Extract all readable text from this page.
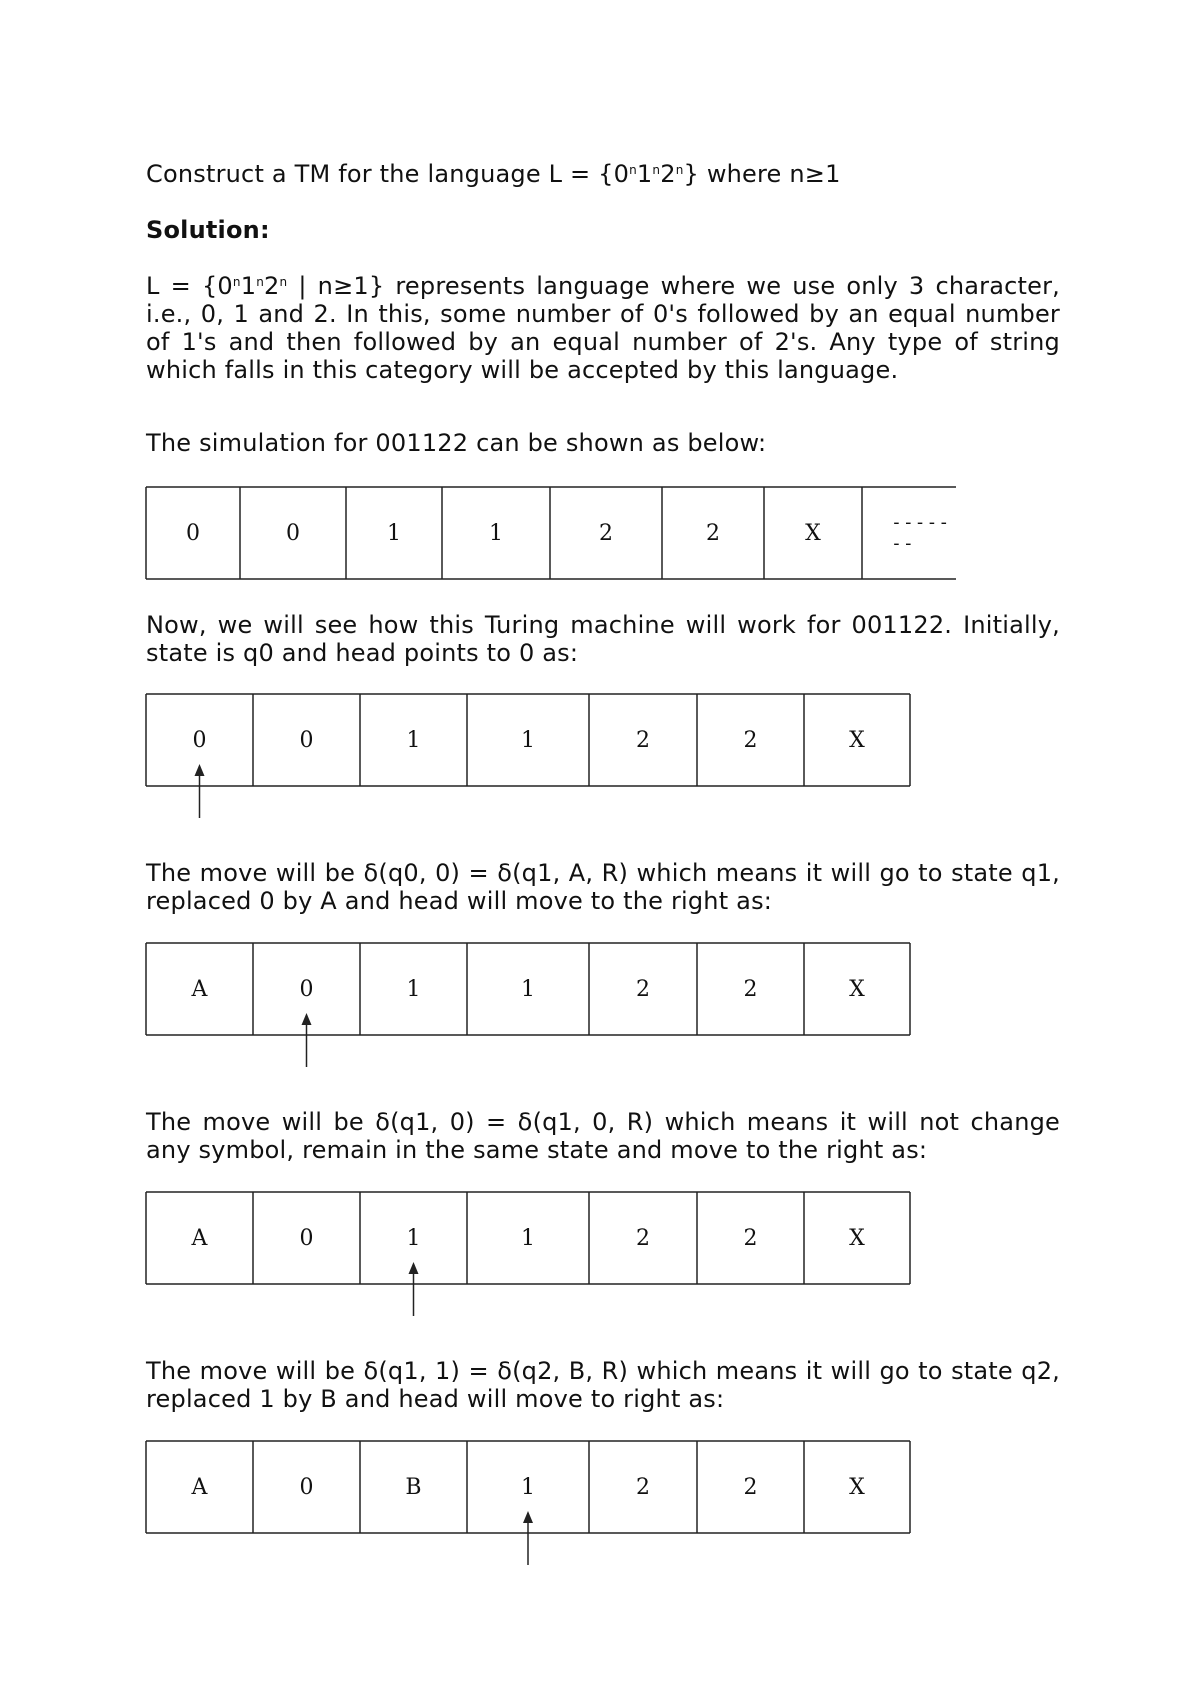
Construct a TM for the language $L = \{0^n1^n2^n\}$ where n≥1

Solution:

$L = \{0^n1^n2^n$ | n≥1} represents language where we use only 3 character, i.e., 0, 1 and 2. In this, some number of 0's followed by an equal number of 1's and then followed by an equal number of 2's. Any type of string which falls in this category will be accepted by this language.

The simulation for 001122 can be shown as below:

0	0	1	1	2	2	X	-------

Now, we will see how this Turing machine will work for 001122. Initially, state is q0 and head points to 0 as:

0	0	1	1	2	2	X

The move will be δ(q0, 0) = δ(q1, A, R) which means it will go to state q1, replaced 0 by A and head will move to the right as:

A	0	1	1	2	2	X

The move will be δ(q1, 0) = δ(q1, 0, R) which means it will not change any symbol, remain in the same state and move to the right as:

A	0	1	1	2	2	X

The move will be δ(q1, 1) = δ(q2, B, R) which means it will go to state q2, replaced 1 by B and head will move to right as:

A	0	B	1	2	2	X
